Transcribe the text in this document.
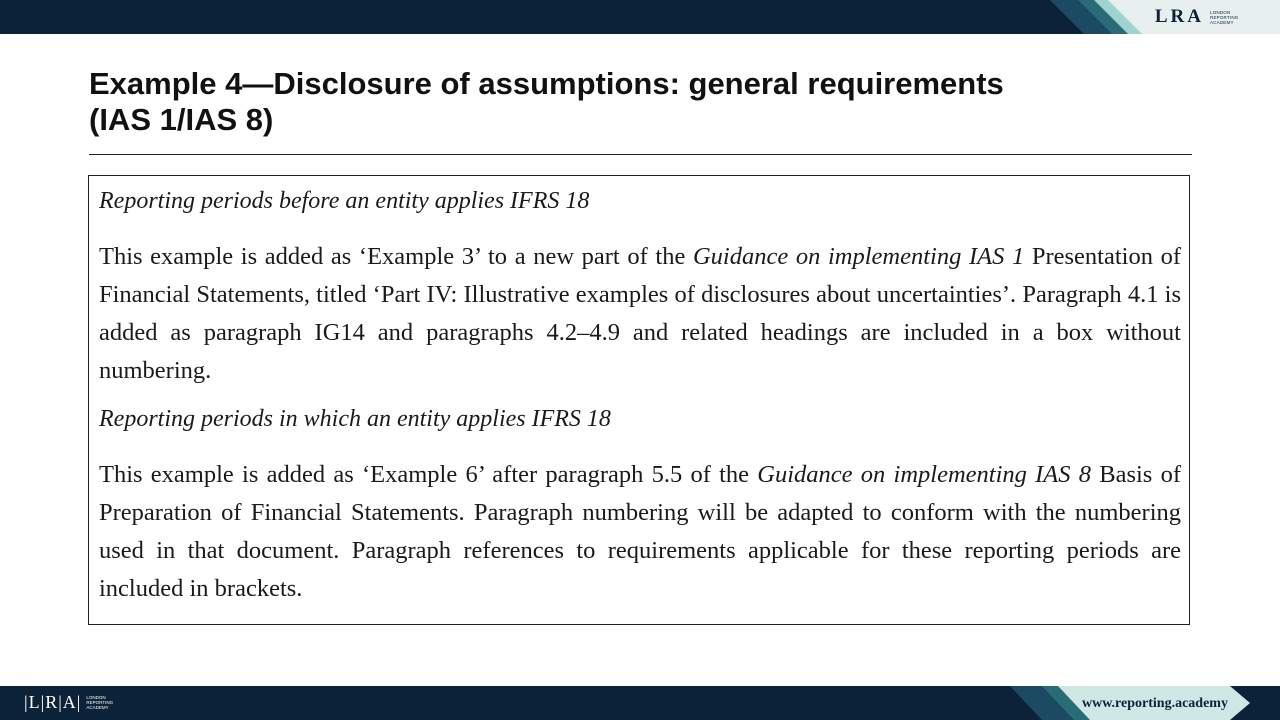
LRA LONDON REPORTING ACADEMY
Example 4—Disclosure of assumptions: general requirements
(IAS 1/IAS 8)

Reporting periods before an entity applies IFRS 18

This example is added as ‘Example 3’ to a new part of the Guidance on implementing IAS 1 Presentation of Financial Statements, titled ‘Part IV: Illustrative examples of disclosures about uncertainties’. Paragraph 4.1 is added as paragraph IG14 and paragraphs 4.2–4.9 and related headings are included in a box without numbering.

Reporting periods in which an entity applies IFRS 18

This example is added as ‘Example 6’ after paragraph 5.5 of the Guidance on implementing IAS 8 Basis of Preparation of Financial Statements. Paragraph numbering will be adapted to conform with the numbering used in that document. Paragraph references to requirements applicable for these reporting periods are included in brackets.

|L|R|A| LONDON REPORTING ACADEMY	www.reporting.academy
